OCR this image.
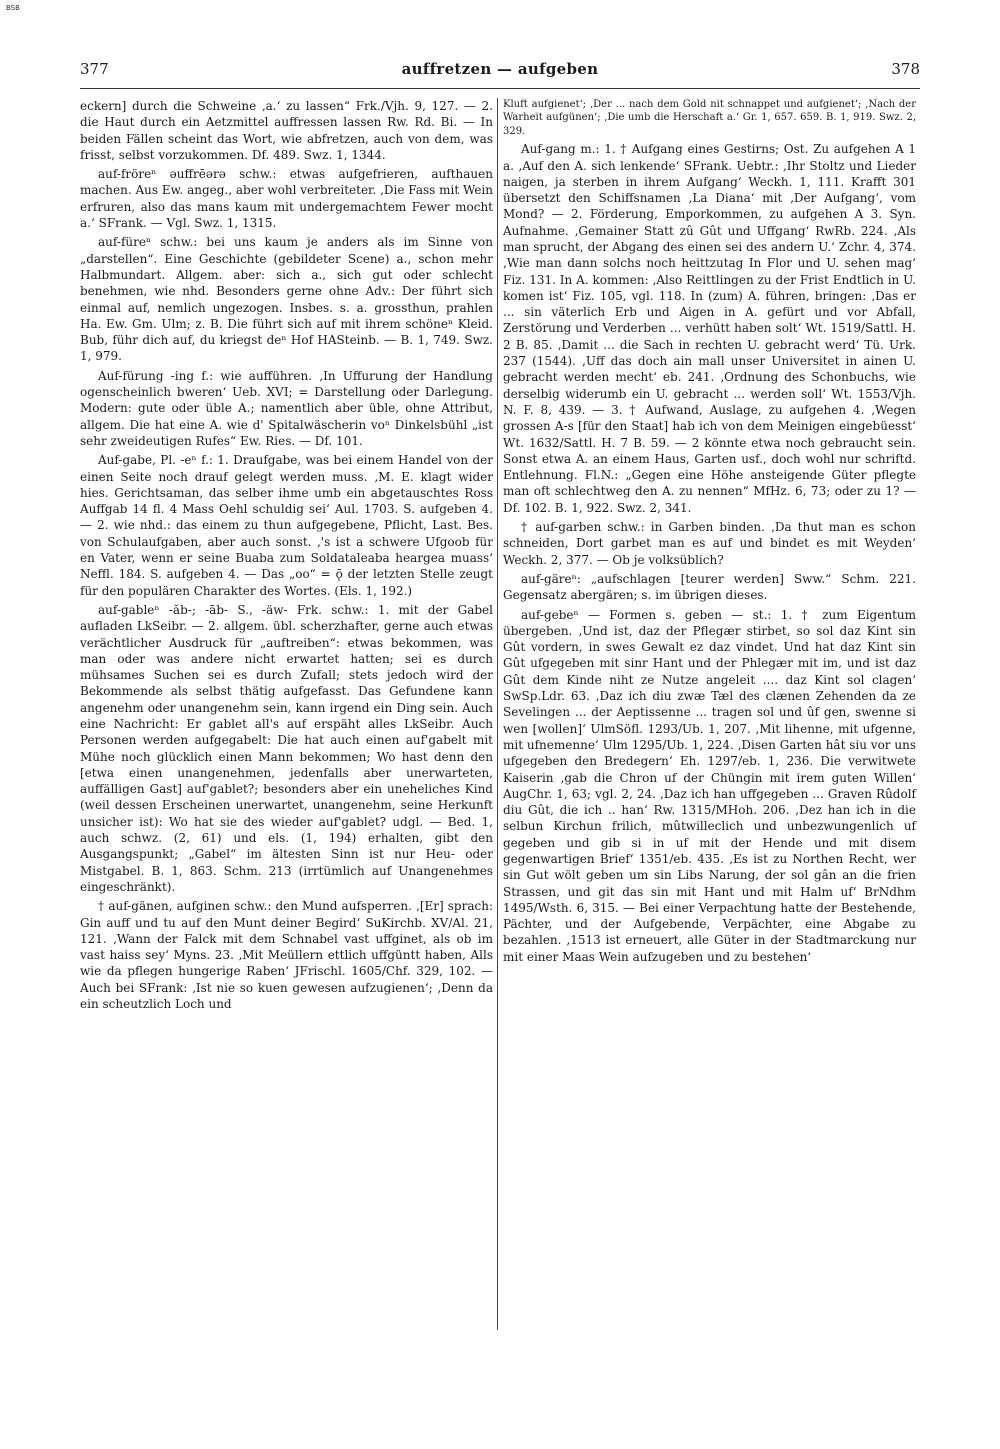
BSB
377	auffretzen — aufgeben	378

eckern] durch die Schweine ‚a.‘ zu lassen“ Frk./Vjh. 9, 127. — 2. die Haut durch ein Aetzmittel auffressen lassen Rw. Rd. Bi. — In beiden Fällen scheint das Wort, wie abfretzen, auch von dem, was frisst, selbst vorzukommen. Df. 489. Swz. 1, 1344.

auf-fröreⁿ əuffrēərə schw.: etwas aufgefrieren, aufthauen machen. Aus Ew. angeg., aber wohl verbreiteter. ‚Die Fass mit Wein erfruren, also das mans kaum mit undergemachtem Fewer mocht a.‘ SFrank. — Vgl. Swz. 1, 1315.

auf-füreⁿ schw.: bei uns kaum je anders als im Sinne von „darstellen“. Eine Geschichte (gebildeter Scene) a., schon mehr Halbmundart. Allgem. aber: sich a., sich gut oder schlecht benehmen, wie nhd. Besonders gerne ohne Adv.: Der führt sich einmal auf, nemlich ungezogen. Insbes. s. a. grossthun, prahlen Ha. Ew. Gm. Ulm; z. B. Die führt sich auf mit ihrem schöneⁿ Kleid. Bub, führ dich auf, du kriegst deⁿ Hof HASteinb. — B. 1, 749. Swz. 1, 979.

Auf-fürung -ing f.: wie aufführen. ‚In Uffurung der Handlung ogenscheinlich bweren‘ Ueb. XVI; = Darstellung oder Darlegung. Modern: gute oder üble A.; namentlich aber üble, ohne Attribut, allgem. Die hat eine A. wie d' Spitalwäscherin voⁿ Dinkelsbühl „ist sehr zweideutigen Rufes“ Ew. Ries. — Df. 101.

Auf-gabe, Pl. -eⁿ f.: 1. Draufgabe, was bei einem Handel von der einen Seite noch drauf gelegt werden muss. ‚M. E. klagt wider hies. Gerichtsaman, das selber ihme umb ein abgetauschtes Ross Auffgab 14 fl. 4 Mass Oehl schuldig sei‘ Aul. 1703. S. aufgeben 4. — 2. wie nhd.: das einem zu thun aufgegebene, Pflicht, Last. Bes. von Schulaufgaben, aber auch sonst. ‚'s ist a schwere Ufgoob für en Vater, wenn er seine Buaba zum Soldatalеaba heargea muass‘ Neffl. 184. S. aufgeben 4. — Das „oo“ = ǭ der letzten Stelle zeugt für den populären Charakter des Wortes. (Els. 1, 192.)

auf-gableⁿ -ăb-; -āb- S., -äw- Frk. schw.: 1. mit der Gabel aufladen LkSeibr. — 2. allgem. übl. scherzhafter, gerne auch etwas verächtlicher Ausdruck für „auftreiben“: etwas bekommen, was man oder was andere nicht erwartet hatten; sei es durch mühsames Suchen sei es durch Zufall; stets jedoch wird der Bekommende als selbst thätig aufgefasst. Das Gefundene kann angenehm oder unangenehm sein, kann irgend ein Ding sein. Auch eine Nachricht: Er gablet all's auf erspäht alles LkSeibr. Auch Personen werden aufgegabelt: Die hat auch einen auf'gabelt mit Mühe noch glücklich einen Mann bekommen; Wo hast denn den [etwa einen unangenehmen, jedenfalls aber unerwarteten, auffälligen Gast] auf'gablet?; besonders aber ein uneheliches Kind (weil dessen Erscheinen unerwartet, unangenehm, seine Herkunft unsicher ist): Wo hat sie des wieder auf'gablet? udgl. — Bed. 1, auch schwz. (2, 61) und els. (1, 194) erhalten, gibt den Ausgangspunkt; „Gabel“ im ältesten Sinn ist nur Heu- oder Mistgabel. B. 1, 863. Schm. 213 (irrtümlich auf Unangenehmes eingeschränkt).

† auf-gänen, aufginen schw.: den Mund aufsperren. ‚[Er] sprach: Gin auff und tu auf den Munt deiner Begird‘ SuKirchb. XV/Al. 21, 121. ‚Wann der Falck mit dem Schnabel vast uffginet, als ob im vast haiss sey‘ Myns. 23. ‚Mit Meüllern ettlich uffgüntt haben, Alls wie da pflegen hungerige Raben‘ JFrischl. 1605/Chf. 329, 102. — Auch bei SFrank: ‚Ist nie so kuen gewesen aufzugienen‘; ‚Denn da ein scheutzlich Loch und

Kluft aufgienet‘; ‚Der ... nach dem Gold nit schnappet und aufgienet‘; ‚Nach der Warheit aufgünen‘; ‚Die umb die Herschaft a.‘ Gr. 1, 657. 659. B. 1, 919. Swz. 2, 329.

Auf-gang m.: 1. † Aufgang eines Gestirns; Ost. Zu aufgehen A 1 a. ‚Auf den A. sich lenkende‘ SFrank. Uebtr.: ‚Ihr Stoltz und Lieder naigen, ja sterben in ihrem Aufgang‘ Weckh. 1, 111. Krafft 301 übersetzt den Schiffsnamen ‚La Diana‘ mit ‚Der Aufgang‘, vom Mond? — 2. Förderung, Emporkommen, zu aufgehen A 3. Syn. Aufnahme. ‚Gemainer Statt zû Gût und Uffgang‘ RwRb. 224. ‚Als man sprucht, der Abgang des einen sei des andern U.‘ Zchr. 4, 374. ‚Wie man dann solchs noch heittzutag In Flor und U. sehen mag‘ Fiz. 131. In A. kommen: ‚Also Reittlingen zu der Frist Endtlich in U. komen ist‘ Fiz. 105, vgl. 118. In (zum) A. führen, bringen: ‚Das er ... sin väterlich Erb und Aigen in A. gefürt und vor Abfall, Zerstörung und Verderben ... verhütt haben solt‘ Wt. 1519/Sattl. H. 2 B. 85. ‚Damit ... die Sach in rechten U. gebracht werd‘ Tü. Urk. 237 (1544). ‚Uff das doch ain mall unser Universitet in ainen U. gebracht werden mecht‘ eb. 241. ‚Ordnung des Schonbuchs, wie derselbig widerumb ein U. gebracht ... werden soll‘ Wt. 1553/Vjh. N. F. 8, 439. — 3. † Aufwand, Auslage, zu aufgehen 4. ‚Wegen grossen A-s [für den Staat] hab ich von dem Meinigen eingebüesst‘ Wt. 1632/Sattl. H. 7 B. 59. — 2 könnte etwa noch gebraucht sein. Sonst etwa A. an einem Haus, Garten usf., doch wohl nur schriftd. Entlehnung. Fl.N.: „Gegen eine Höhe ansteigende Güter pflegte man oft schlechtweg den A. zu nennen“ MfHz. 6, 73; oder zu 1? — Df. 102. B. 1, 922. Swz. 2, 341.

† auf-garben schw.: in Garben binden. ‚Da thut man es schon schneiden, Dort garbet man es auf und bindet es mit Weyden‘ Weckh. 2, 377. — Ob je volksüblich?

auf-gäreⁿ: „aufschlagen [teurer werden] Sww.“ Schm. 221. Gegensatz abergären; s. im übrigen dieses.

auf-gebeⁿ — Formen s. geben — st.: 1. † zum Eigentum übergeben. ‚Und ist, daz der Pflegær stirbet, so sol daz Kint sin Gût vordern, in swes Gewalt ez daz vindet. Und hat daz Kint sin Gût ufgegeben mit sinr Hant und der Phlegær mit im, und ist daz Gût dem Kinde niht ze Nutze angeleit .... daz Kint sol clagen‘ SwSp.Ldr. 63. ‚Daz ich diu zwæ Tæl des clænen Zehenden da ze Sevelingen ... der Aeptissenne ... tragen sol und ûf gen, swenne si wen [wollen]‘ UlmSöfl. 1293/Ub. 1, 207. ‚Mit lihenne, mit ufgenne, mit ufnemenne‘ Ulm 1295/Ub. 1, 224. ‚Disen Garten hât siu vor uns ufgegeben den Bredegern‘ Eh. 1297/eb. 1, 236. Die verwitwete Kaiserin ‚gab die Chron uf der Chüngin mit irem guten Willen‘ AugChr. 1, 63; vgl. 2, 24. ‚Daz ich han uffgegeben ... Graven Rûdolf diu Gût, die ich .. han‘ Rw. 1315/MHoh. 206. ‚Dez han ich in die selbun Kirchun frilich, mûtwillеclich und unbezwungenlich uf gegeben und gib si in uf mit der Hende und mit disem gegenwartigen Brief‘ 1351/eb. 435. ‚Es ist zu Northen Recht, wer sin Gut wölt geben um sin Libs Narung, der sol gân an die frien Strassen, und git das sin mit Hant und mit Halm uf‘ BrNdhm 1495/Wsth. 6, 315. — Bei einer Verpachtung hatte der Bestehende, Pächter, und der Aufgebende, Verpächter, eine Abgabe zu bezahlen. ‚1513 ist erneuert, alle Güter in der Stadtmarckung nur mit einer Maas Wein aufzugeben und zu bestehen‘
